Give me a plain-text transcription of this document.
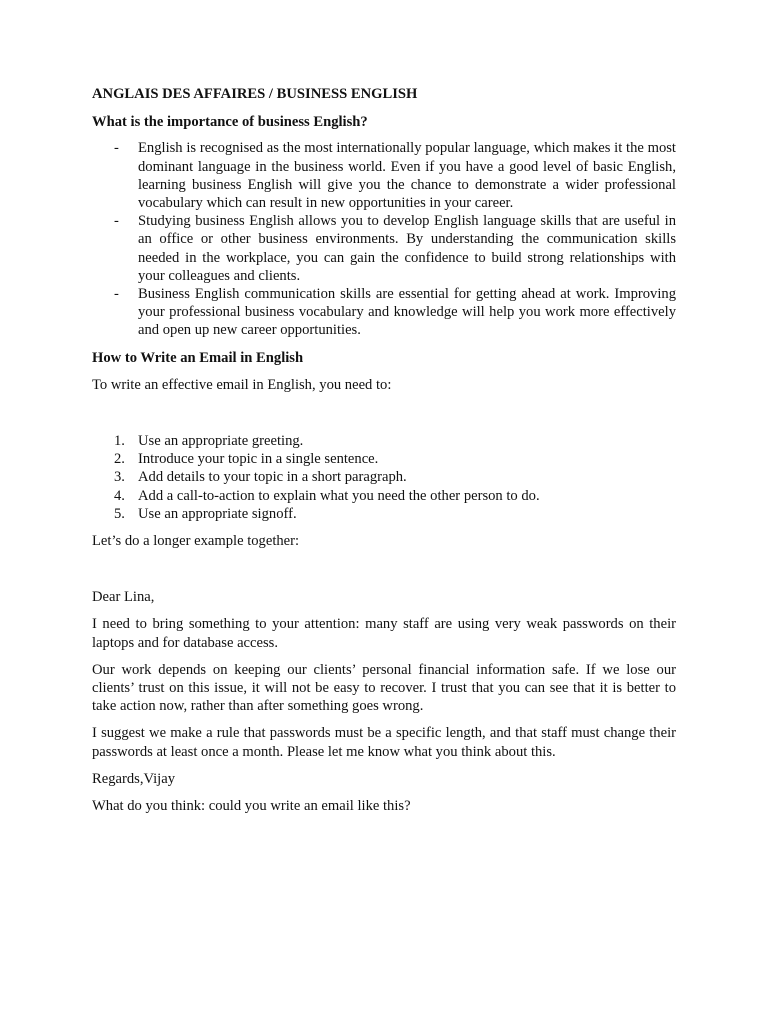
ANGLAIS DES AFFAIRES / BUSINESS ENGLISH

What is the importance of business English?

- English is recognised as the most internationally popular language, which makes it the most dominant language in the business world. Even if you have a good level of basic English, learning business English will give you the chance to demonstrate a wider professional vocabulary which can result in new opportunities in your career.
- Studying business English allows you to develop English language skills that are useful in an office or other business environments. By understanding the communication skills needed in the workplace, you can gain the confidence to build strong relationships with your colleagues and clients.
- Business English communication skills are essential for getting ahead at work. Improving your professional business vocabulary and knowledge will help you work more effectively and open up new career opportunities.

How to Write an Email in English

To write an effective email in English, you need to:

1. Use an appropriate greeting.
2. Introduce your topic in a single sentence.
3. Add details to your topic in a short paragraph.
4. Add a call-to-action to explain what you need the other person to do.
5. Use an appropriate signoff.

Let’s do a longer example together:

Dear Lina,

I need to bring something to your attention: many staff are using very weak passwords on their laptops and for database access.

Our work depends on keeping our clients’ personal financial information safe. If we lose our clients’ trust on this issue, it will not be easy to recover. I trust that you can see that it is better to take action now, rather than after something goes wrong.

I suggest we make a rule that passwords must be a specific length, and that staff must change their passwords at least once a month. Please let me know what you think about this.

Regards,Vijay

What do you think: could you write an email like this?
